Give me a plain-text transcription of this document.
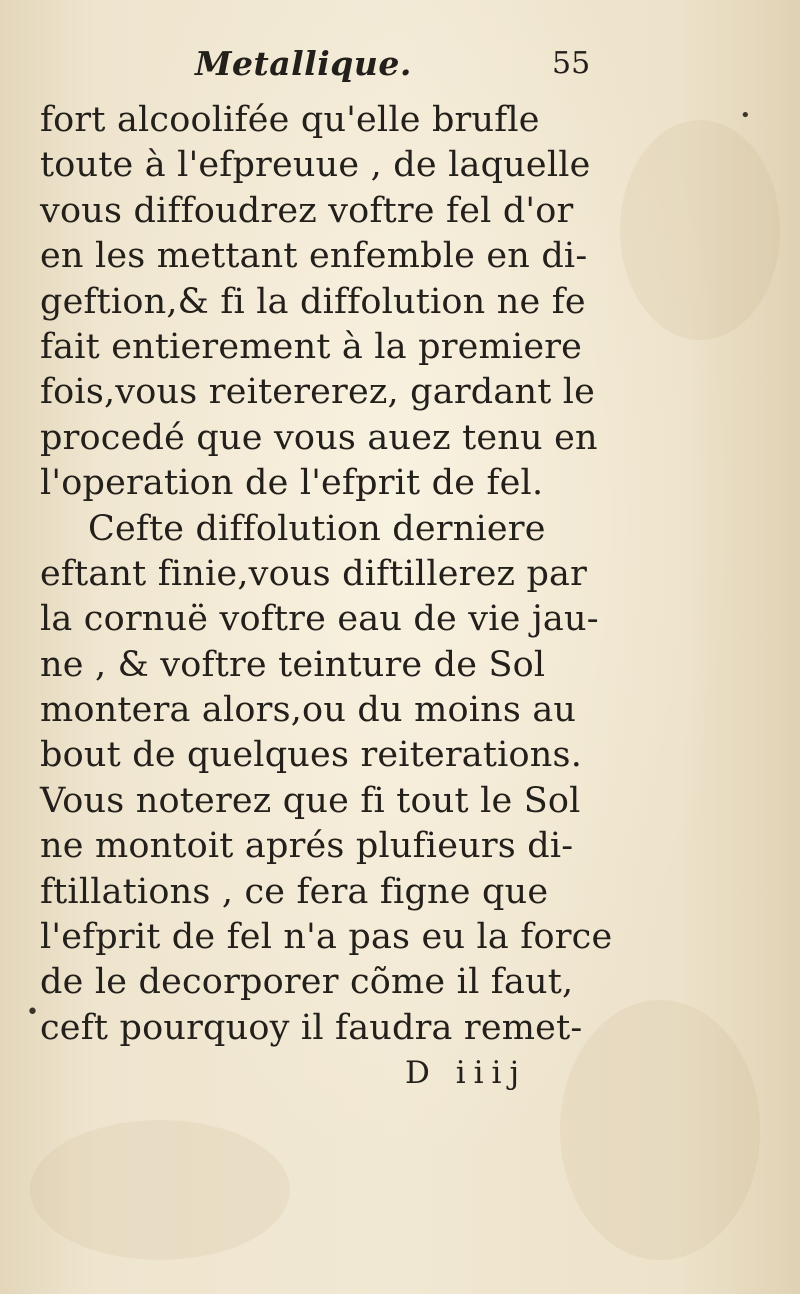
Metallique.	55
fort alcoolifée qu'elle brufle
toute à l'efpreuue , de laquelle
vous diffoudrez voftre fel d'or
en les mettant enfemble en di-
geftion,& fi la diffolution ne fe
fait entierement à la premiere
fois,vous reitererez, gardant le
procedé que vous auez tenu en
l'operation de l'efprit de fel.
Cefte diffolution derniere
eftant finie,vous diftillerez par
la cornuë voftre eau de vie jau-
ne , & voftre teinture de Sol
montera alors,ou du moins au
bout de quelques reiterations.
Vous noterez que fi tout le Sol
ne montoit aprés plufieurs di-
ftillations , ce fera figne que
l'efprit de fel n'a pas eu la force
de le decorporer cõme il faut,
ceft pourquoy il faudra remet-
D iiij
•
•
